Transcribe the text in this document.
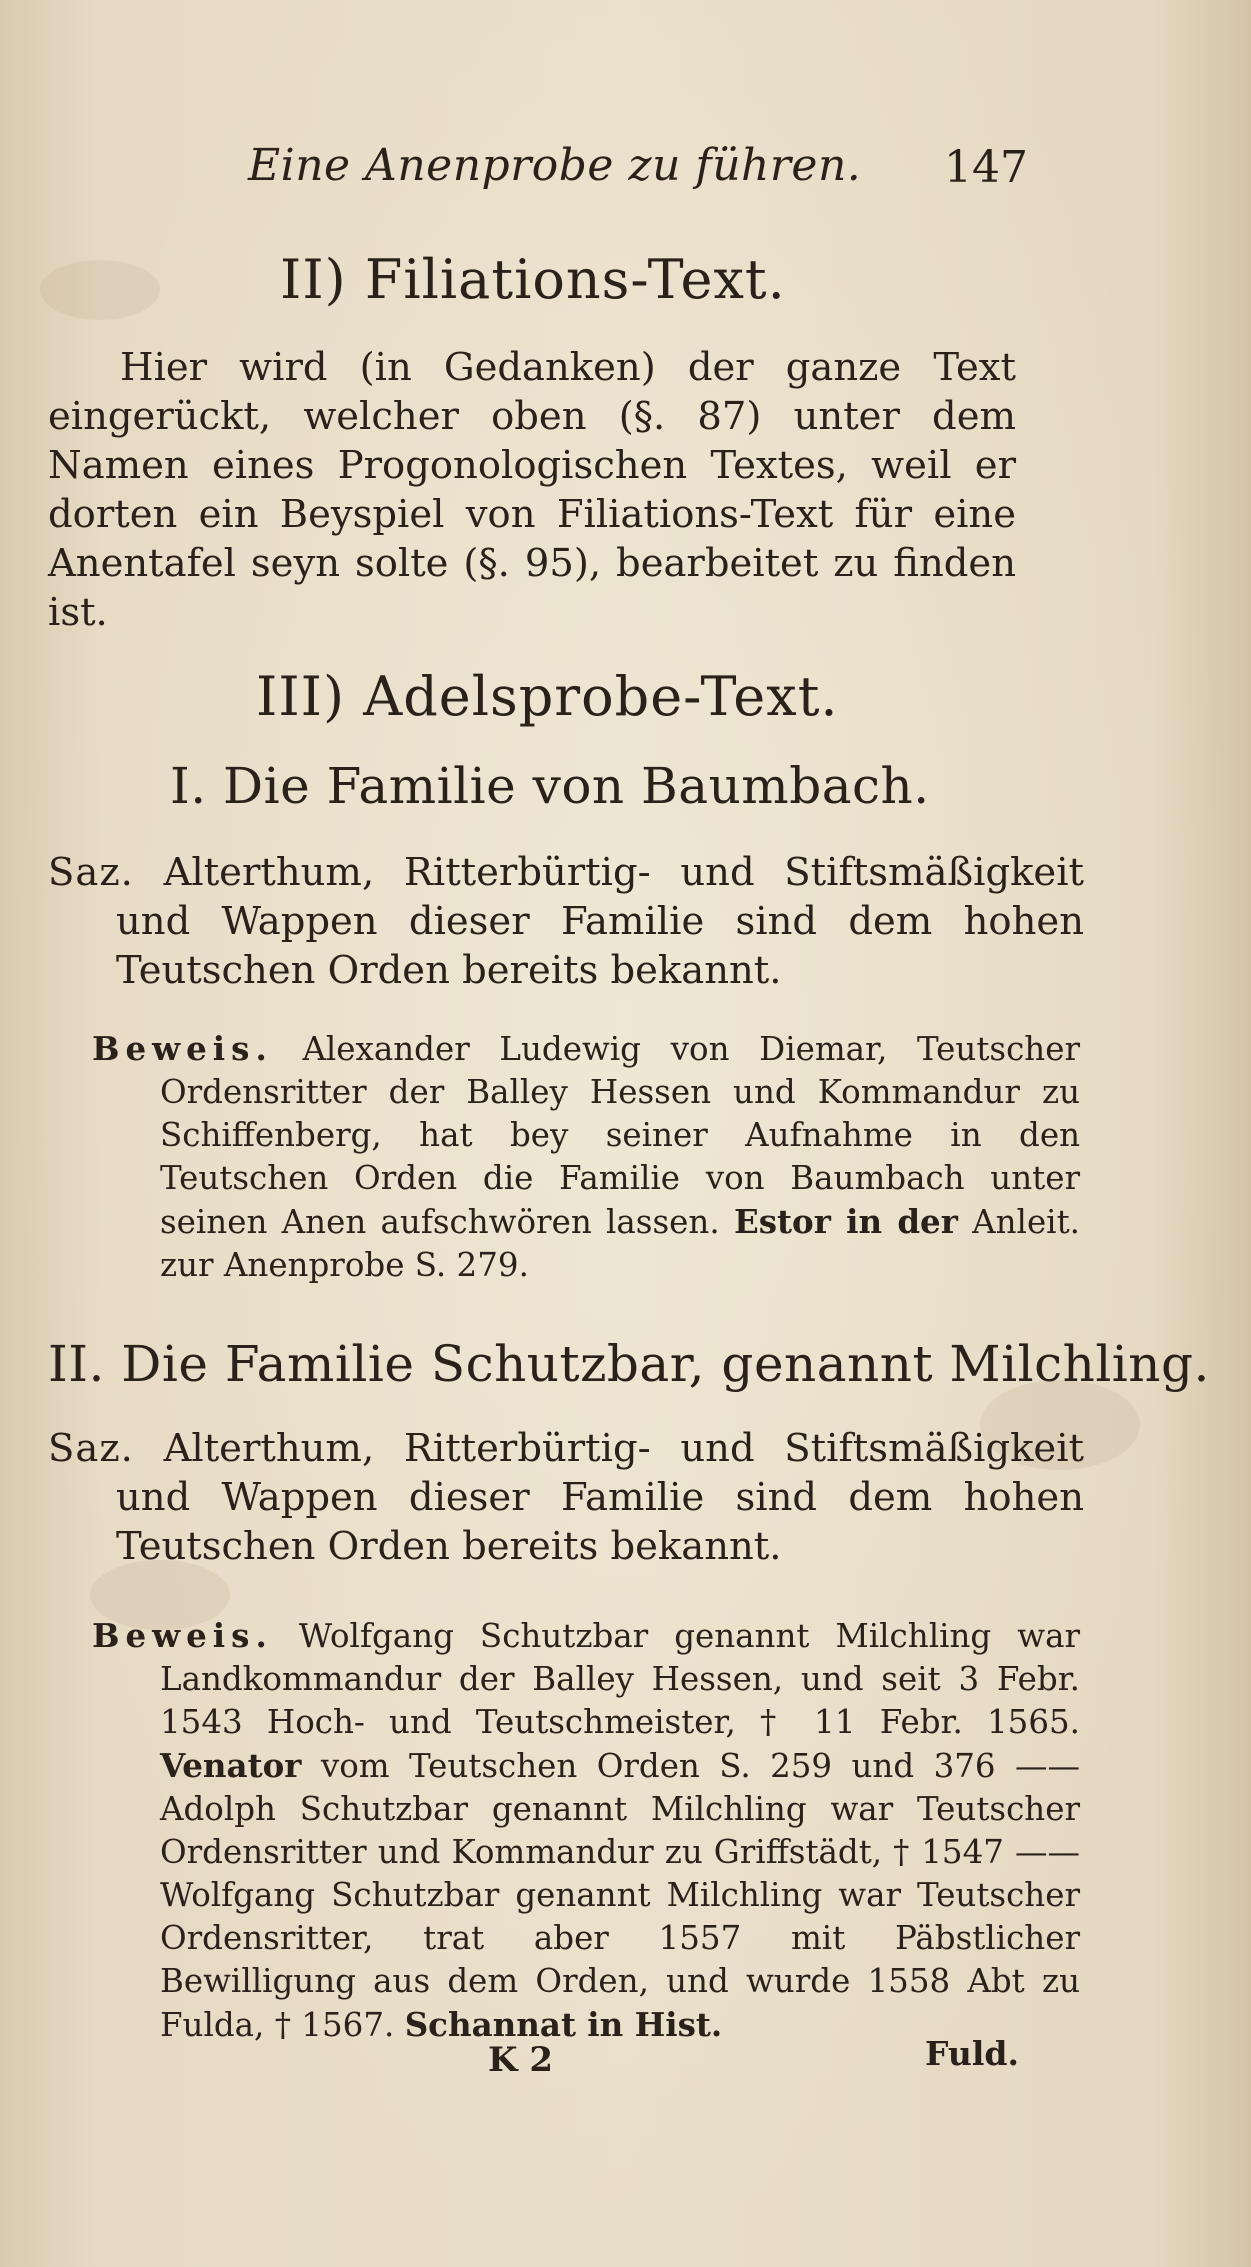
Eine Anenprobe zu führen. 147
II) Filiations-Text.

Hier wird (in Gedanken) der ganze Text eingerückt, welcher oben (§. 87) unter dem Namen eines Progonologischen Textes, weil er dorten ein Beyspiel von Filiations-Text für eine Anentafel seyn solte (§. 95), bearbeitet zu finden ist.

III) Adelsprobe-Text.
I. Die Familie von Baumbach.

Saz. Alterthum, Ritterbürtig- und Stiftsmäßigkeit und Wappen dieser Familie sind dem hohen Teutschen Orden bereits bekannt.

Beweis. Alexander Ludewig von Diemar, Teutscher Ordensritter der Balley Hessen und Kommandur zu Schiffenberg, hat bey seiner Aufnahme in den Teutschen Orden die Familie von Baumbach unter seinen Anen aufschwören lassen. Estor in der Anleit. zur Anenprobe S. 279.

II. Die Familie Schutzbar, genannt Milchling.

Saz. Alterthum, Ritterbürtig- und Stiftsmäßigkeit und Wappen dieser Familie sind dem hohen Teutschen Orden bereits bekannt.

Beweis. Wolfgang Schutzbar genannt Milchling war Landkommandur der Balley Hessen, und seit 3 Febr. 1543 Hoch- und Teutschmeister, † 11 Febr. 1565. Venator vom Teutschen Orden S. 259 und 376 —— Adolph Schutzbar genannt Milchling war Teutscher Ordensritter und Kommandur zu Griffstädt, † 1547 —— Wolfgang Schutzbar genannt Milchling war Teutscher Ordensritter, trat aber 1557 mit Päbstlicher Bewilligung aus dem Orden, und wurde 1558 Abt zu Fulda, † 1567. Schannat in Hist.

K 2	Fuld.
